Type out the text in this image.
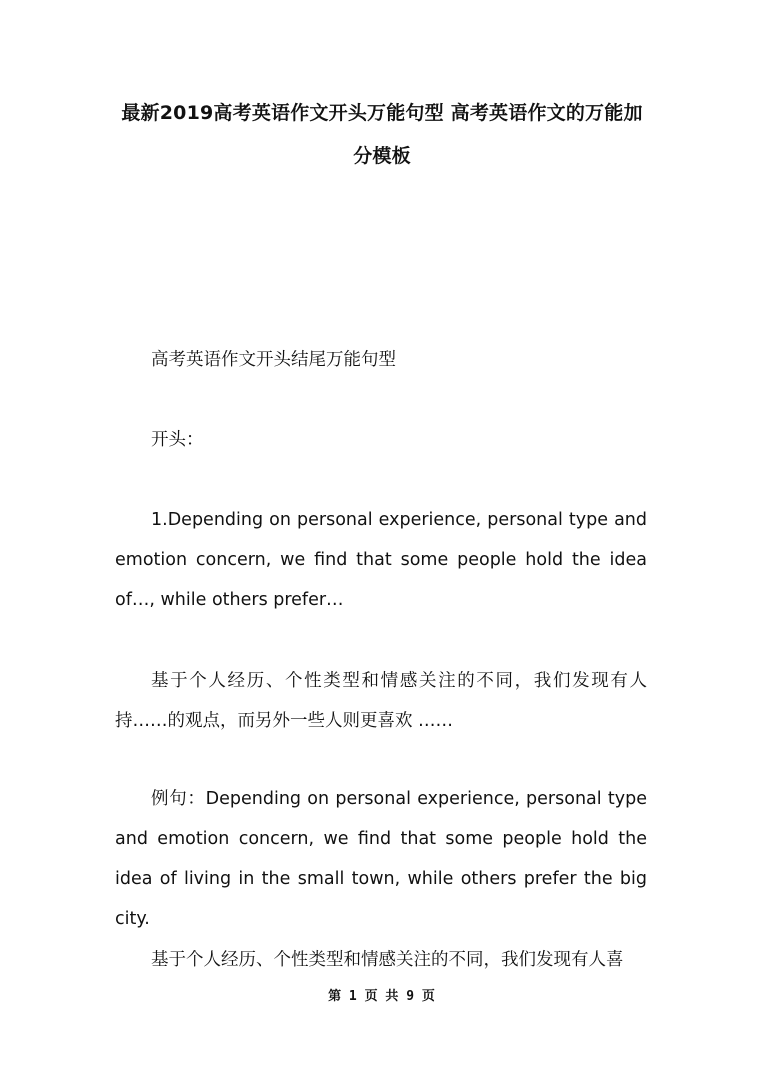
最新2019高考英语作文开头万能句型 高考英语作文的万能加分模板
高考英语作文开头结尾万能句型
开头：
1.Depending on personal experience, personal type and emotion concern, we find that some people hold the idea of…, while others prefer…
基于个人经历、个性类型和情感关注的不同，我们发现有人持……的观点，而另外一些人则更喜欢 ……
例句：Depending on personal experience, personal type and emotion concern, we find that some people hold the idea of living in the small town, while others prefer the big city.
基于个人经历、个性类型和情感关注的不同，我们发现有人喜
第 1 页 共 9 页
